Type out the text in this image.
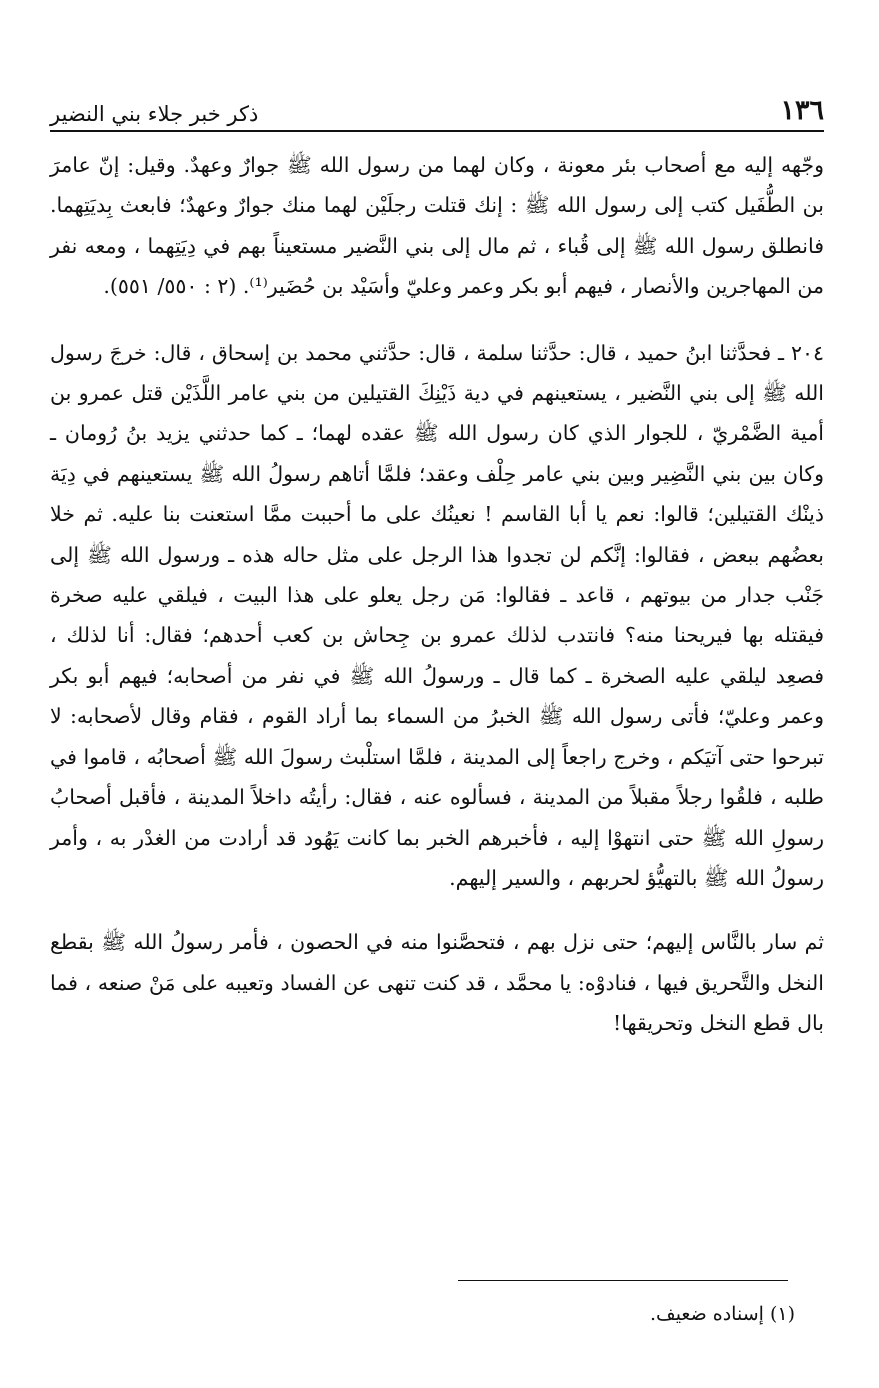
١٣٦
ذكر خبر جلاء بني النضير

وجّهه إليه مع أصحاب بئر معونة ، وكان لهما من رسول الله ﷺ جوارٌ وعهدٌ. وقيل: إنّ عامرَ بن الطُّفَيل كتب إلى رسول الله ﷺ : إنك قتلت رجلَيْن لهما منك جوارٌ وعهدٌ؛ فابعث بِديَتِهما. فانطلق رسول الله ﷺ إلى قُباء ، ثم مال إلى بني النَّضير مستعيناً بهم في دِيَتِهما ، ومعه نفر من المهاجرين والأنصار ، فيهم أبو بكر وعمر وعليّ وأسَيْد بن حُضَير⁽¹⁾. (٢ : ٥٥٠/ ٥٥١).

٢٠٤ ـ فحدَّثنا ابنُ حميد ، قال: حدَّثنا سلمة ، قال: حدَّثني محمد بن إسحاق ، قال: خرجَ رسول الله ﷺ إلى بني النَّضير ، يستعينهم في دية ذَيْنِكَ القتيلين من بني عامر اللَّذَيْن قتل عمرو بن أمية الضَّمْريّ ، للجوار الذي كان رسول الله ﷺ عقده لهما؛ ـ كما حدثني يزيد بنُ رُومان ـ وكان بين بني النَّضِير وبين بني عامر حِلْف وعقد؛ فلمَّا أتاهم رسولُ الله ﷺ يستعينهم في دِيَة ذينْك القتيلين؛ قالوا: نعم يا أبا القاسم ! نعينُك على ما أحببت ممَّا استعنت بنا عليه. ثم خلا بعضُهم ببعض ، فقالوا: إنَّكم لن تجدوا هذا الرجل على مثل حاله هذه ـ ورسول الله ﷺ إلى جَنْب جدار من بيوتهم ، قاعد ـ فقالوا: مَن رجل يعلو على هذا البيت ، فيلقي عليه صخرة فيقتله بها فيريحنا منه؟ فانتدب لذلك عمرو بن جِحاش بن كعب أحدهم؛ فقال: أنا لذلك ، فصعِد ليلقي عليه الصخرة ـ كما قال ـ ورسولُ الله ﷺ في نفر من أصحابه؛ فيهم أبو بكر وعمر وعليّ؛ فأتى رسول الله ﷺ الخبرُ من السماء بما أراد القوم ، فقام وقال لأصحابه: لا تبرحوا حتى آتيَكم ، وخرج راجعاً إلى المدينة ، فلمَّا استلْبث رسولَ الله ﷺ أصحابُه ، قاموا في طلبه ، فلقُوا رجلاً مقبلاً من المدينة ، فسألوه عنه ، فقال: رأيتُه داخلاً المدينة ، فأقبل أصحابُ رسولِ الله ﷺ حتى انتهوْا إليه ، فأخبرهم الخبر بما كانت يَهُود قد أرادت من الغدْر به ، وأمر رسولُ الله ﷺ بالتهيُّؤ لحربهم ، والسير إليهم.

ثم سار بالنَّاس إليهم؛ حتى نزل بهم ، فتحصَّنوا منه في الحصون ، فأمر رسولُ الله ﷺ بقطع النخل والتَّحريق فيها ، فنادوْه: يا محمَّد ، قد كنت تنهى عن الفساد وتعيبه على مَنْ صنعه ، فما بال قطع النخل وتحريقها!

(١) إسناده ضعيف.
